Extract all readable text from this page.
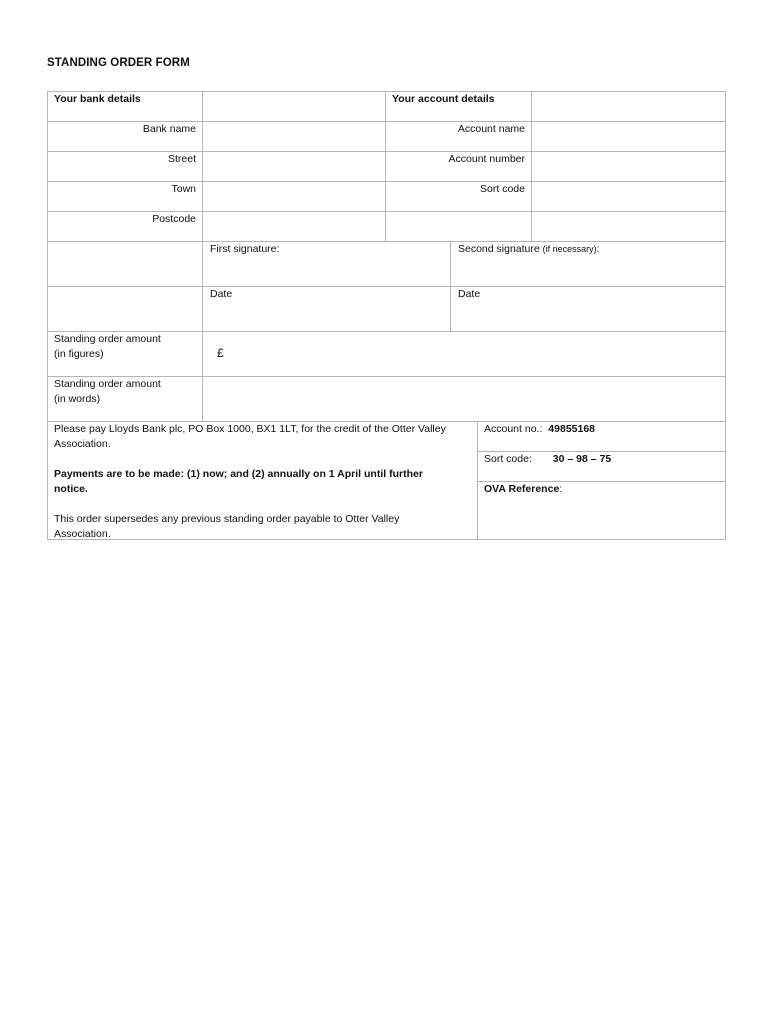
STANDING ORDER FORM
Your bank details	Your account details
Bank name	Account name
Street	Account number
Town	Sort code
Postcode
First signature:	Second signature (if necessary):
Date	Date
Standing order amount
(in figures)	£
Standing order amount
(in words)
Please pay Lloyds Bank plc, PO Box 1000, BX1 1LT, for the credit of the Otter Valley Association.
Payments are to be made: (1) now; and (2) annually on 1 April until further notice.
This order supersedes any previous standing order payable to Otter Valley Association.
Account no.: 49855168
Sort code: 30 – 98 – 75
OVA Reference:
